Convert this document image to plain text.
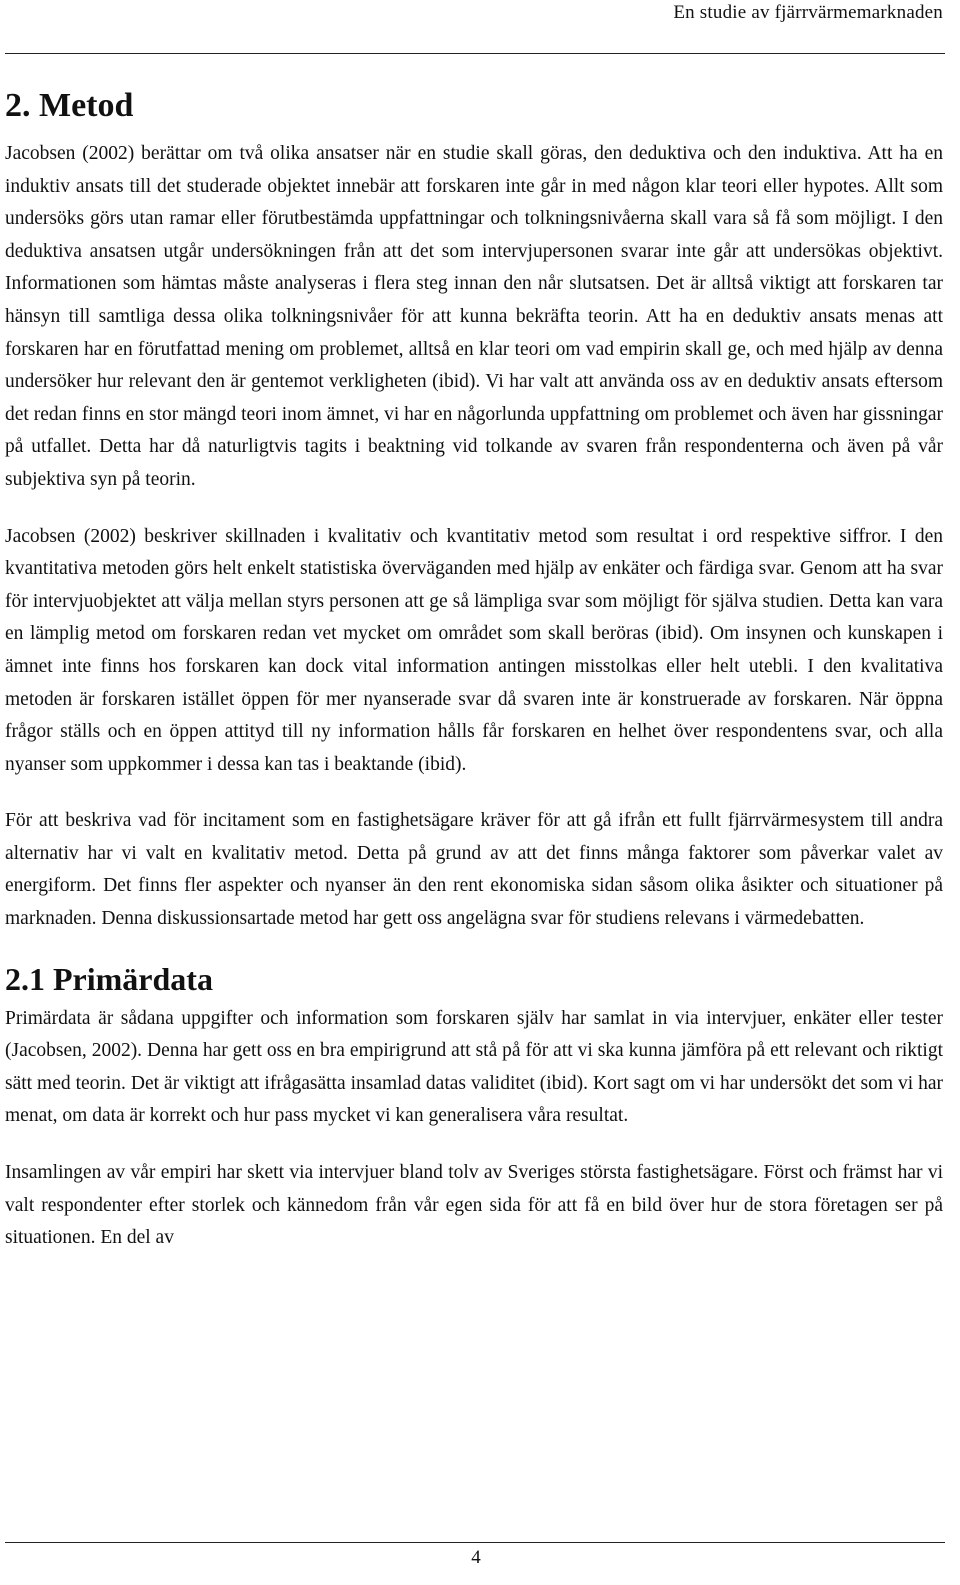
En studie av fjärrvärmemarknaden
2. Metod

Jacobsen (2002) berättar om två olika ansatser när en studie skall göras, den deduktiva och den induktiva. Att ha en induktiv ansats till det studerade objektet innebär att forskaren inte går in med någon klar teori eller hypotes. Allt som undersöks görs utan ramar eller förutbestämda uppfattningar och tolkningsnivåerna skall vara så få som möjligt. I den deduktiva ansatsen utgår undersökningen från att det som intervjupersonen svarar inte går att undersökas objektivt. Informationen som hämtas måste analyseras i flera steg innan den når slutsatsen. Det är alltså viktigt att forskaren tar hänsyn till samtliga dessa olika tolkningsnivåer för att kunna bekräfta teorin. Att ha en deduktiv ansats menas att forskaren har en förutfattad mening om problemet, alltså en klar teori om vad empirin skall ge, och med hjälp av denna undersöker hur relevant den är gentemot verkligheten (ibid). Vi har valt att använda oss av en deduktiv ansats eftersom det redan finns en stor mängd teori inom ämnet, vi har en någorlunda uppfattning om problemet och även har gissningar på utfallet. Detta har då naturligtvis tagits i beaktning vid tolkande av svaren från respondenterna och även på vår subjektiva syn på teorin.

Jacobsen (2002) beskriver skillnaden i kvalitativ och kvantitativ metod som resultat i ord respektive siffror. I den kvantitativa metoden görs helt enkelt statistiska överväganden med hjälp av enkäter och färdiga svar. Genom att ha svar för intervjuobjektet att välja mellan styrs personen att ge så lämpliga svar som möjligt för själva studien. Detta kan vara en lämplig metod om forskaren redan vet mycket om området som skall beröras (ibid). Om insynen och kunskapen i ämnet inte finns hos forskaren kan dock vital information antingen misstolkas eller helt utebli. I den kvalitativa metoden är forskaren istället öppen för mer nyanserade svar då svaren inte är konstruerade av forskaren. När öppna frågor ställs och en öppen attityd till ny information hålls får forskaren en helhet över respondentens svar, och alla nyanser som uppkommer i dessa kan tas i beaktande (ibid).

För att beskriva vad för incitament som en fastighetsägare kräver för att gå ifrån ett fullt fjärrvärmesystem till andra alternativ har vi valt en kvalitativ metod. Detta på grund av att det finns många faktorer som påverkar valet av energiform. Det finns fler aspekter och nyanser än den rent ekonomiska sidan såsom olika åsikter och situationer på marknaden. Denna diskussionsartade metod har gett oss angelägna svar för studiens relevans i värmedebatten.

2.1 Primärdata

Primärdata är sådana uppgifter och information som forskaren själv har samlat in via intervjuer, enkäter eller tester (Jacobsen, 2002). Denna har gett oss en bra empirigrund att stå på för att vi ska kunna jämföra på ett relevant och riktigt sätt med teorin. Det är viktigt att ifrågasätta insamlad datas validitet (ibid). Kort sagt om vi har undersökt det som vi har menat, om data är korrekt och hur pass mycket vi kan generalisera våra resultat.

Insamlingen av vår empiri har skett via intervjuer bland tolv av Sveriges största fastighetsägare. Först och främst har vi valt respondenter efter storlek och kännedom från vår egen sida för att få en bild över hur de stora företagen ser på situationen. En del av

4
